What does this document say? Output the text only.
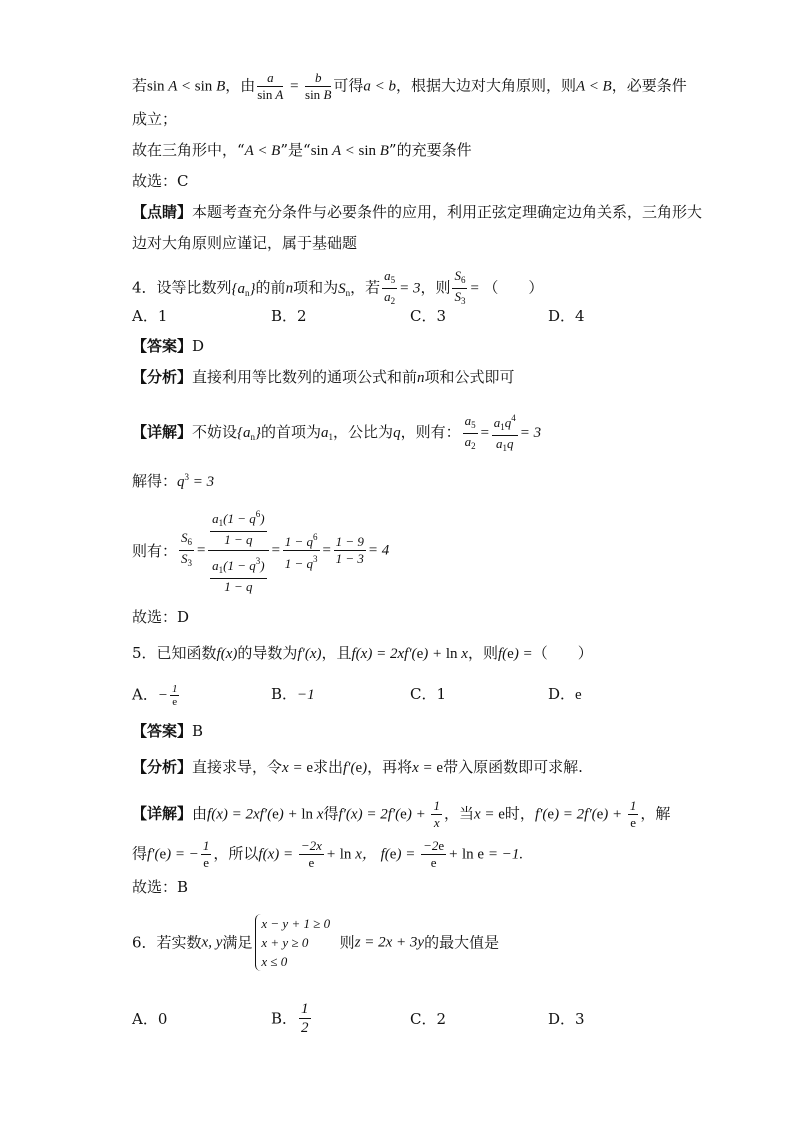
若sin A < sin B，由 $\frac{a}{\text{sin A}} = \frac{b}{\text{sin B}}$ 可得a < b，根据大边对大角原则，则A < B，必要条件
成立；
故在三角形中，“A < B”是“sin A < sin B”的充要条件
故选：C
【点睛】本题考查充分条件与必要条件的应用，利用正弦定理确定边角关系，三角形大
边对大角原则应谨记，属于基础题
4．设等比数列$\{a_n\}$的前n项和为$S_n$，若 $\frac{a_5}{a_2} = 3$，则 $\frac{S_6}{S_3}$ = （　　）
A．1	B．2	C．3	D．4
【答案】D
【分析】直接利用等比数列的通项公式和前n项和公式即可
【详解】不妨设$\{a_n\}$的首项为$a_1$，公比为q，则有： $\frac{a_5}{a_2} = \frac{a_1q^4}{a_1q} = 3$
解得：$q^3 = 3$
则有： $\frac{S_6}{S_3} = \frac{\frac{a_1(1 - q^6)}{1 - q}}{\frac{a_1(1 - q^3)}{1 - q}} = \frac{1 - q^6}{1 - q^3} = \frac{1 - 9}{1 - 3} = 4$
故选：D
5．已知函数f(x)的导数为f′(x)，且f(x) = 2xf′(e) + ln x，则f(e) =（　　）
A．− $\frac{1}{e}$	B．−1	C．1	D．e
【答案】B
【分析】直接求导，令x = e求出f′(e)，再将x = e带入原函数即可求解.
【详解】由f(x) = 2xf′(e) + ln x得$f'(x) = 2f'(e) + \frac{1}{x}$ ，当x = e时，$f'(e) = 2f'(e) + \frac{1}{e}$ ，解
得f′(e) = − $\frac{1}{e}$ ，所以$f(x) = \frac{-2x}{e} + \ln x$， $f(e) = \frac{-2e}{e} + \ln e = -1$.
故选：B
6．若实数x, y满足x − y + 1 ≥ 0
x + y ≥ 0
x ≤ 0  则z = 2x + 3y的最大值是
A．0	B． $\frac{1}{2}$	C．2	D．3
